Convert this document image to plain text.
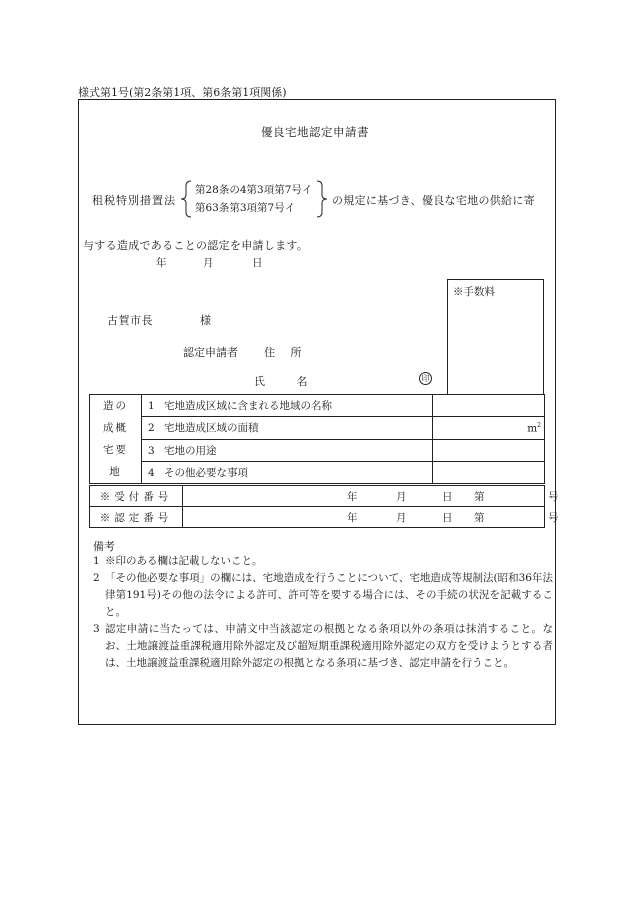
様式第1号(第2条第1項、第6条第1項関係)
優良宅地認定申請書
租税特別措置法
第28条の4第3項第7号イ
第63条第3項第7号イ
の規定に基づき、優良な宅地の供給に寄
与する造成であることの認定を申請します。
年	月	日
※手数料
古賀市長	様
認定申請者 住 所
氏 名	印
造の
成概
宅要
地	1 宅地造成区域に含まれる地域の名称	
	2 宅地造成区域の面積	$m^2$
	3 宅地の用途	
	4 その他必要な事項	
※受付番号	年 月 日 第 号

※認定番号	年 月 日 第 号
備考
1 ※印のある欄は記載しないこと。
2 「その他必要な事項」の欄には、宅地造成を行うことについて、宅地造成等規制法(昭和36年法律第191号)その他の法令による許可、許可等を要する場合には、その手続の状況を記載すること。
3 認定申請に当たっては、申請文中当該認定の根拠となる条項以外の条項は抹消すること。なお、土地譲渡益重課税適用除外認定及び超短期重課税適用除外認定の双方を受けようとする者は、土地譲渡益重課税適用除外認定の根拠となる条項に基づき、認定申請を行うこと。
